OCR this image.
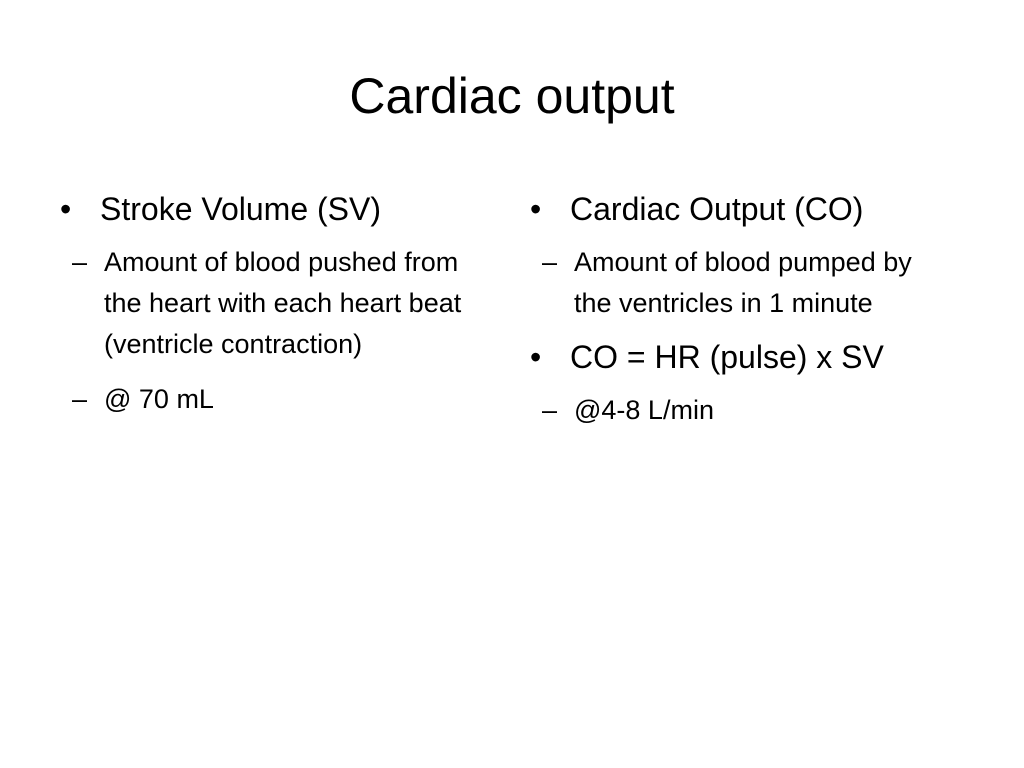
Cardiac output
• Stroke Volume (SV)
– Amount of blood pushed from the heart with each heart beat (ventricle contraction)
– @ 70 mL
• Cardiac Output (CO)
– Amount of blood pumped by the ventricles in 1 minute
• CO = HR (pulse) x SV
– @4-8 L/min
